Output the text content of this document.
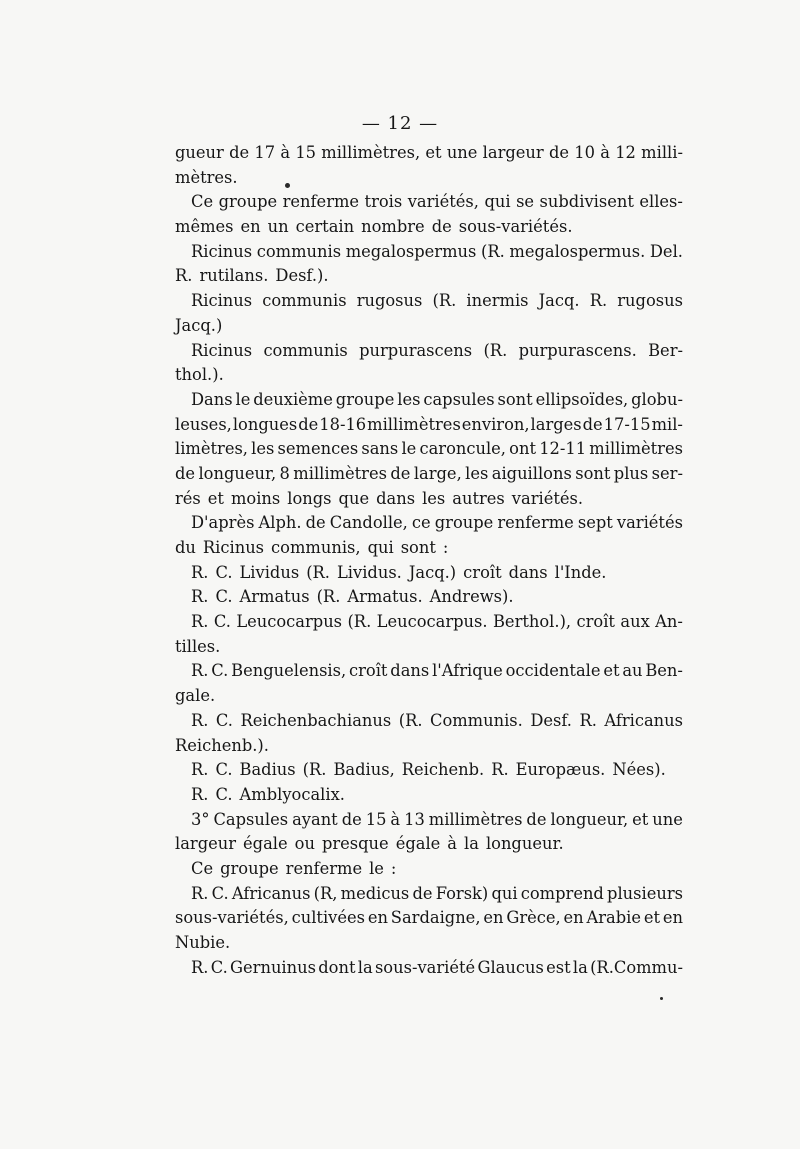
— 12 —
gueur de 17 à 15 millimètres, et une largeur de 10 à 12 milli-
mètres.
Ce groupe renferme trois variétés, qui se subdivisent elles-
mêmes en un certain nombre de sous-variétés.
Ricinus communis megalospermus (R. megalospermus. Del.
R. rutilans. Desf.).
Ricinus communis rugosus (R. inermis Jacq. R. rugosus
Jacq.)
Ricinus communis purpurascens (R. purpurascens. Ber-
thol.).
Dans le deuxième groupe les capsules sont ellipsoïdes, globu-
leuses, longues de 18-16 millimètres environ, larges de 17-15 mil-
limètres, les semences sans le caroncule, ont 12-11 millimètres
de longueur, 8 millimètres de large, les aiguillons sont plus ser-
rés et moins longs que dans les autres variétés.
D'après Alph. de Candolle, ce groupe renferme sept variétés
du Ricinus communis, qui sont :
R. C. Lividus (R. Lividus. Jacq.) croît dans l'Inde.
R. C. Armatus (R. Armatus. Andrews).
R. C. Leucocarpus (R. Leucocarpus. Berthol.), croît aux An-
tilles.
R. C. Benguelensis, croît dans l'Afrique occidentale et au Ben-
gale.
R. C. Reichenbachianus (R. Communis. Desf. R. Africanus
Reichenb.).
R. C. Badius (R. Badius, Reichenb. R. Europæus. Nées).
R. C. Amblyocalix.
3° Capsules ayant de 15 à 13 millimètres de longueur, et une
largeur égale ou presque égale à la longueur.
Ce groupe renferme le :
R. C. Africanus (R, medicus de Forsk) qui comprend plusieurs
sous-variétés, cultivées en Sardaigne, en Grèce, en Arabie et en
Nubie.
R. C. Gernuinus dont la sous-variété Glaucus est la (R.Commu-
